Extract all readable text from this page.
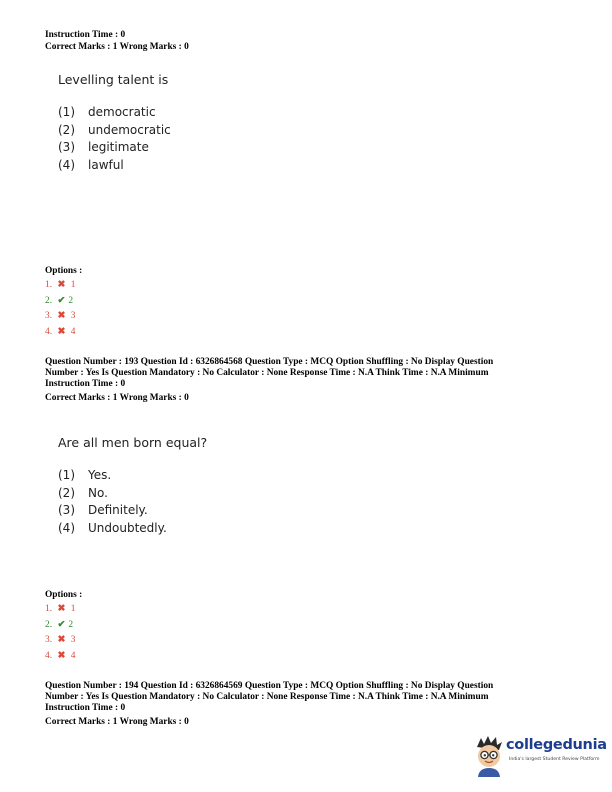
Instruction Time : 0
Correct Marks : 1 Wrong Marks : 0
Levelling talent is
(1) democratic
(2) undemocratic
(3) legitimate
(4) lawful
Options :
1. ✖ 1
2. ✔ 2
3. ✖ 3
4. ✖ 4
Question Number : 193 Question Id : 6326864568 Question Type : MCQ Option Shuffling : No Display Question
Number : Yes Is Question Mandatory : No Calculator : None Response Time : N.A Think Time : N.A Minimum
Instruction Time : 0
Correct Marks : 1 Wrong Marks : 0
Are all men born equal?
(1) Yes.
(2) No.
(3) Definitely.
(4) Undoubtedly.
Options :
1. ✖ 1
2. ✔ 2
3. ✖ 3
4. ✖ 4
Question Number : 194 Question Id : 6326864569 Question Type : MCQ Option Shuffling : No Display Question
Number : Yes Is Question Mandatory : No Calculator : None Response Time : N.A Think Time : N.A Minimum
Instruction Time : 0
Correct Marks : 1 Wrong Marks : 0
collegedunia
India's largest Student Review Platform
